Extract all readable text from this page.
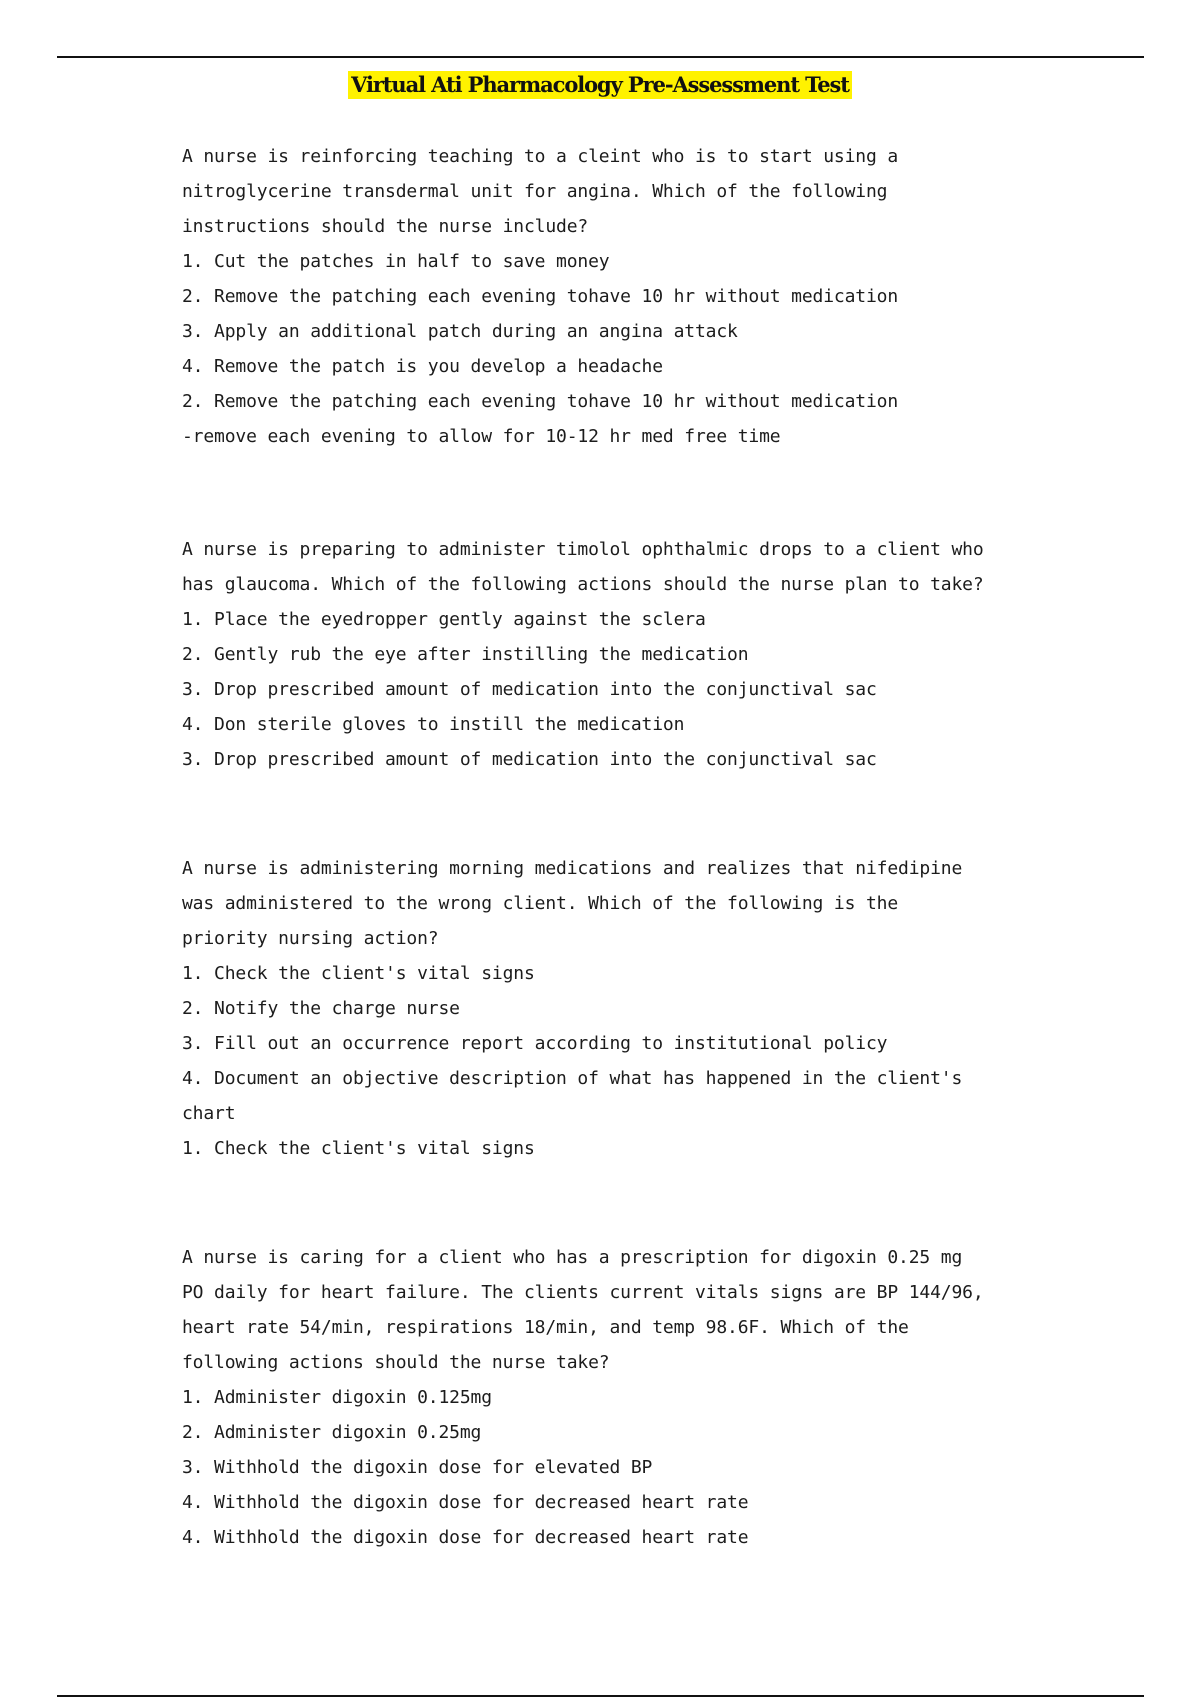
Virtual Ati Pharmacology Pre-Assessment Test
A nurse is reinforcing teaching to a cleint who is to start using a
nitroglycerine transdermal unit for angina. Which of the following
instructions should the nurse include?
1. Cut the patches in half to save money
2. Remove the patching each evening tohave 10 hr without medication
3. Apply an additional patch during an angina attack
4. Remove the patch is you develop a headache
2. Remove the patching each evening tohave 10 hr without medication
-remove each evening to allow for 10-12 hr med free time
A nurse is preparing to administer timolol ophthalmic drops to a client who
has glaucoma. Which of the following actions should the nurse plan to take?
1. Place the eyedropper gently against the sclera
2. Gently rub the eye after instilling the medication
3. Drop prescribed amount of medication into the conjunctival sac
4. Don sterile gloves to instill the medication
3. Drop prescribed amount of medication into the conjunctival sac
A nurse is administering morning medications and realizes that nifedipine
was administered to the wrong client. Which of the following is the
priority nursing action?
1. Check the client's vital signs
2. Notify the charge nurse
3. Fill out an occurrence report according to institutional policy
4. Document an objective description of what has happened in the client's
chart
1. Check the client's vital signs
A nurse is caring for a client who has a prescription for digoxin 0.25 mg
PO daily for heart failure. The clients current vitals signs are BP 144/96,
heart rate 54/min, respirations 18/min, and temp 98.6F. Which of the
following actions should the nurse take?
1. Administer digoxin 0.125mg
2. Administer digoxin 0.25mg
3. Withhold the digoxin dose for elevated BP
4. Withhold the digoxin dose for decreased heart rate
4. Withhold the digoxin dose for decreased heart rate
